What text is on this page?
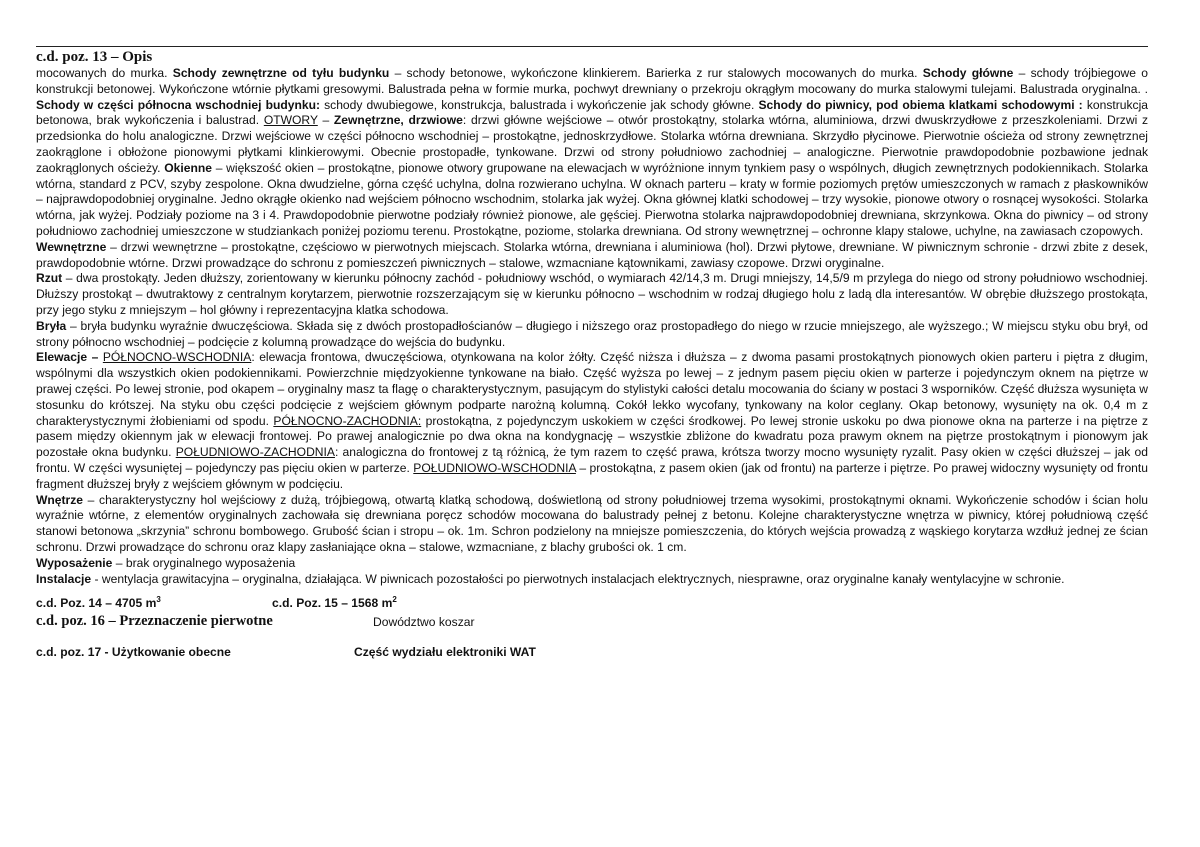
c.d. poz. 13 – Opis

mocowanych do murka. Schody zewnętrzne od tyłu budynku – schody betonowe, wykończone klinkierem. Barierka z rur stalowych mocowanych do murka. Schody główne – schody trójbiegowe o konstrukcji betonowej. Wykończone wtórnie płytkami gresowymi. Balustrada pełna w formie murka, pochwyt drewniany o przekroju okrągłym mocowany do murka stalowymi tulejami. Balustrada oryginalna. . Schody w części północna wschodniej budynku: schody dwubiegowe, konstrukcja, balustrada i wykończenie jak schody główne. Schody do piwnicy, pod obiema klatkami schodowymi : konstrukcja betonowa, brak wykończenia i balustrad. OTWORY – Zewnętrzne, drzwiowe: drzwi główne wejściowe – otwór prostokątny, stolarka wtórna, aluminiowa, drzwi dwuskrzydłowe z przeszkoleniami. Drzwi z przedsionka do holu analogiczne. Drzwi wejściowe w części północno wschodniej – prostokątne, jednoskrzydłowe. Stolarka wtórna drewniana. Skrzydło płycinowe. Pierwotnie ościeża od strony zewnętrznej zaokrąglone i obłożone pionowymi płytkami klinkierowymi. Obecnie prostopadłe, tynkowane. Drzwi od strony południowo zachodniej – analogiczne. Pierwotnie prawdopodobnie pozbawione jednak zaokrąglonych ościeży. Okienne – większość okien – prostokątne, pionowe otwory grupowane na elewacjach w wyróżnione innym tynkiem pasy o wspólnych, długich zewnętrznych podokiennikach. Stolarka wtórna, standard z PCV, szyby zespolone. Okna dwudzielne, górna część uchylna, dolna rozwierano uchylna. W oknach parteru – kraty w formie poziomych prętów umieszczonych w ramach z płaskowników – najprawdopodobniej oryginalne. Jedno okrągłe okienko nad wejściem północno wschodnim, stolarka jak wyżej. Okna głównej klatki schodowej – trzy wysokie, pionowe otwory o rosnącej wysokości. Stolarka wtórna, jak wyżej. Podziały poziome na 3 i 4. Prawdopodobnie pierwotne podziały również pionowe, ale gęściej. Pierwotna stolarka najprawdopodobniej drewniana, skrzynkowa. Okna do piwnicy – od strony południowo zachodniej umieszczone w studziankach poniżej poziomu terenu. Prostokątne, poziome, stolarka drewniana. Od strony wewnętrznej – ochronne klapy stalowe, uchylne, na zawiasach czopowych.

Wewnętrzne – drzwi wewnętrzne – prostokątne, częściowo w pierwotnych miejscach. Stolarka wtórna, drewniana i aluminiowa (hol). Drzwi płytowe, drewniane. W piwnicznym schronie - drzwi zbite z desek, prawdopodobnie wtórne. Drzwi prowadzące do schronu z pomieszczeń piwnicznych – stalowe, wzmacniane kątownikami, zawiasy czopowe. Drzwi oryginalne.

Rzut – dwa prostokąty. Jeden dłuższy, zorientowany w kierunku północny zachód - południowy wschód, o wymiarach 42/14,3 m. Drugi mniejszy, 14,5/9 m przylega do niego od strony południowo wschodniej. Dłuższy prostokąt – dwutraktowy z centralnym korytarzem, pierwotnie rozszerzającym się w kierunku północno – wschodnim w rodzaj długiego holu z ladą dla interesantów. W obrębie dłuższego prostokąta, przy jego styku z mniejszym – hol główny i reprezentacyjna klatka schodowa.

Bryła – bryła budynku wyraźnie dwuczęściowa. Składa się z dwóch prostopadłościanów – długiego i niższego oraz prostopadłego do niego w rzucie mniejszego, ale wyższego.; W miejscu styku obu brył, od strony północno wschodniej – podcięcie z kolumną prowadzące do wejścia do budynku.

Elewacje – PÓŁNOCNO-WSCHODNIA: elewacja frontowa, dwuczęściowa, otynkowana na kolor żółty. Część niższa i dłuższa – z dwoma pasami prostokątnych pionowych okien parteru i piętra z długim, wspólnymi dla wszystkich okien podokiennikami. Powierzchnie międzyokienne tynkowane na biało. Część wyższa po lewej – z jednym pasem pięciu okien w parterze i pojedynczym oknem na piętrze w prawej części. Po lewej stronie, pod okapem – oryginalny masz ta flagę o charakterystycznym, pasującym do stylistyki całości detalu mocowania do ściany w postaci 3 wsporników. Część dłuższa wysunięta w stosunku do krótszej. Na styku obu części podcięcie z wejściem głównym podparte narożną kolumną. Cokół lekko wycofany, tynkowany na kolor ceglany. Okap betonowy, wysunięty na ok. 0,4 m z charakterystycznymi żłobieniami od spodu. PÓŁNOCNO-ZACHODNIA: prostokątna, z pojedynczym uskokiem w części środkowej. Po lewej stronie uskoku po dwa pionowe okna na parterze i na piętrze z pasem między okiennym jak w elewacji frontowej. Po prawej analogicznie po dwa okna na kondygnację – wszystkie zbliżone do kwadratu poza prawym oknem na piętrze prostokątnym i pionowym jak pozostałe okna budynku. POŁUDNIOWO-ZACHODNIA: analogiczna do frontowej z tą różnicą, że tym razem to część prawa, krótsza tworzy mocno wysunięty ryzalit. Pasy okien w części dłuższej – jak od frontu. W części wysuniętej – pojedynczy pas pięciu okien w parterze. POŁUDNIOWO-WSCHODNIA – prostokątna, z pasem okien (jak od frontu) na parterze i piętrze. Po prawej widoczny wysunięty od frontu fragment dłuższej bryły z wejściem głównym w podcięciu.

Wnętrze – charakterystyczny hol wejściowy z dużą, trójbiegową, otwartą klatką schodową, doświetloną od strony południowej trzema wysokimi, prostokątnymi oknami. Wykończenie schodów i ścian holu wyraźnie wtórne, z elementów oryginalnych zachowała się drewniana poręcz schodów mocowana do balustrady pełnej z betonu. Kolejne charakterystyczne wnętrza w piwnicy, której południową część stanowi betonowa „skrzynia” schronu bombowego. Grubość ścian i stropu – ok. 1m. Schron podzielony na mniejsze pomieszczenia, do których wejścia prowadzą z wąskiego korytarza wzdłuż jednej ze ścian schronu. Drzwi prowadzące do schronu oraz klapy zasłaniające okna – stalowe, wzmacniane, z blachy grubości ok. 1 cm.

Wyposażenie – brak oryginalnego wyposażenia

Instalacje - wentylacja grawitacyjna – oryginalna, działająca. W piwnicach pozostałości po pierwotnych instalacjach elektrycznych, niesprawne, oraz oryginalne kanały wentylacyjne w schronie.

c.d. Poz. 14 – 4705 $m^3$	c.d. Poz. 15 – 1568 $m^2$
c.d. poz. 16 – Przeznaczenie pierwotne	Dowództwo koszar
c.d. poz. 17 - Użytkowanie obecne	Część wydziału elektroniki WAT
